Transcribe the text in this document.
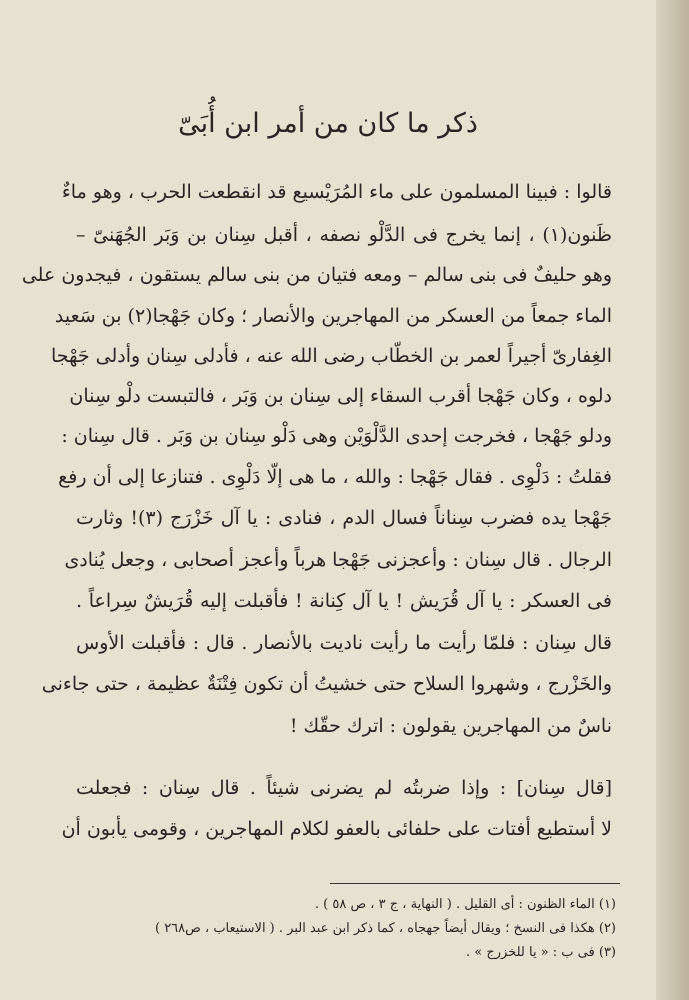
ذكر ما كان من أمر ابن أُبَىّ
قالوا : فبينا المسلمون على ماء المُرَيْسيع قد انقطعت الحرب ، وهو ماءٌ
ظَنون(١) ، إنما يخرج فى الدَّلْو نصفه ، أقبل سِنان بن وَبَر الجُهَنىّ –
وهو حليفٌ فى بنى سالم – ومعه فتيان من بنى سالم يستقون ، فيجدون على
الماء جمعاً من العسكر من المهاجرين والأنصار ؛ وكان جَهْجا(٢) بن سَعيد
الغِفارىّ أجيراً لعمر بن الخطّاب رضى الله عنه ، فأدلى سِنان وأدلى جَهْجا
دلوه ، وكان جَهْجا أقرب السقاء إلى سِنان بن وَبَر ، فالتبست دلْو سِنان
ودلو جَهْجا ، فخرجت إحدى الدَّلْوَيْن وهى دَلْو سِنان بن وَبَر . قال سِنان :
فقلتُ : دَلْوِى . فقال جَهْجا : والله ، ما هى إلّا دَلْوِى . فتنازعا إلى أن رفع
جَهْجا يده فضرب سِناناً فسال الدم ، فنادى : يا آل خَزْرَج (٣)! وثارت
الرجال . قال سِنان : وأعجزنى جَهْجا هرباً وأعجز أصحابى ، وجعل يُنادى
فى العسكر : يا آل قُرَيش ! يا آل كِنانة ! فأقبلت إليه قُرَيشٌ سِراعاً .
قال سِنان : فلمّا رأيت ما رأيت ناديت بالأنصار . قال : فأقبلت الأوس
والخَزْرج ، وشهروا السلاح حتى خشيتُ أن تكون فِتْنَةٌ عظيمة ، حتى جاءنى
ناسٌ من المهاجرين يقولون : اترك حقّك !
[قال سِنان] : وإذا ضربتُه لم يضرنى شيئاً . قال سِنان : فجعلت
لا أستطيع أفتات على حلفائى بالعفو لكلام المهاجرين ، وقومى يأبون أن
(١) الماء الظنون : أى القليل . ( النهاية ، ج ٣ ، ص ٥٨ ) .
(٢) هكذا فى النسخ ؛ ويقال أيضاً جهجاه ، كما ذكر ابن عبد البر . ( الاستيعاب ، ص٢٦٨ )
(٣) فى ب : « يا للخزرج » .
